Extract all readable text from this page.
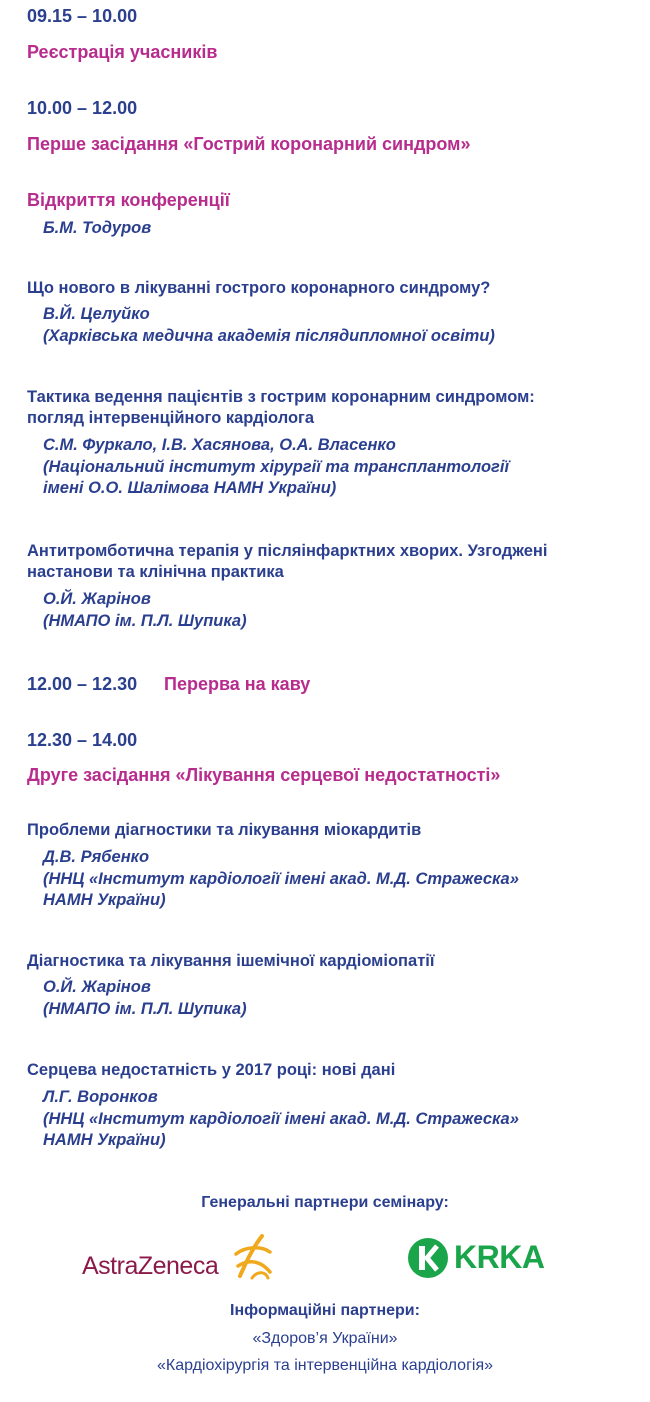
09.15 – 10.00
Реєстрація учасників
10.00 – 12.00
Перше засідання «Гострий коронарний синдром»
Відкриття конференції
Б.М. Тодуров
Що нового в лікуванні гострого коронарного синдрому?
В.Й. Целуйко
(Харківська медична академія післядипломної освіти)
Тактика ведення пацієнтів з гострим коронарним синдромом:
погляд інтервенційного кардіолога
С.М. Фуркало, І.В. Хасянова, О.А. Власенко
(Національний інститут хірургії та трансплантології
імені О.О. Шалімова НАМН України)
Антитромботична терапія у післяінфарктних хворих. Узгоджені
настанови та клінічна практика
О.Й. Жарінов
(НМАПО ім. П.Л. Шупика)
12.00 – 12.30 Перерва на каву
12.30 – 14.00
Друге засідання «Лікування серцевої недостатності»
Проблеми діагностики та лікування міокардитів
Д.В. Рябенко
(ННЦ «Інститут кардіології імені акад. М.Д. Стражеска»
НАМН України)
Діагностика та лікування ішемічної кардіоміопатії
О.Й. Жарінов
(НМАПО ім. П.Л. Шупика)
Серцева недостатність у 2017 році: нові дані
Л.Г. Воронков
(ННЦ «Інститут кардіології імені акад. М.Д. Стражеска»
НАМН України)
Генеральні партнери семінару:
AstraZeneca	KRKA
Інформаційні партнери:
«Здоров’я України»
«Кардіохірургія та інтервенційна кардіологія»
